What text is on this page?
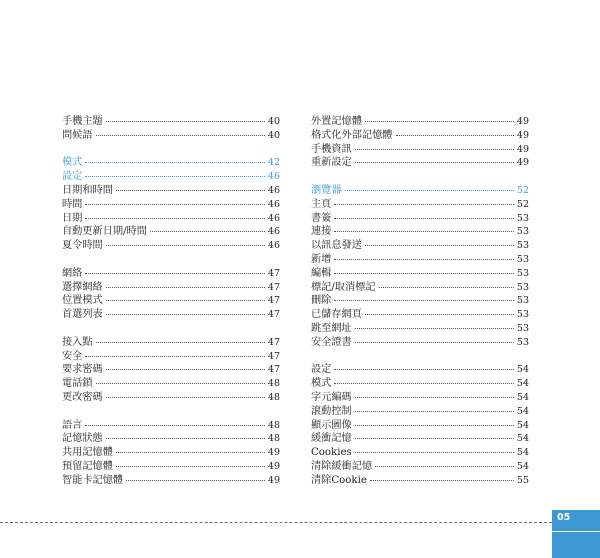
手機主題	40
問候語	40
模式	42
設定	46
日期和時間	46
時間	46
日期	46
自動更新日期/時間	46
夏令時間	46
網絡	47
選擇網絡	47
位置模式	47
首選列表	47
接入點	47
安全	47
要求密碼	47
電話鎖	48
更改密碼	48
語言	48
記憶狀態	48
共用記憶體	49
預留記憶體	49
智能卡記憶體	49
外置記憶體	49
格式化外部記憶體	49
手機資訊	49
重新設定	49
瀏覽器	52
主頁	52
書簽	53
連接	53
以訊息發送	53
新增	53
編輯	53
標記/取消標記	53
刪除	53
已儲存網頁	53
跳至網址	53
安全證書	53
設定	54
模式	54
字元編碼	54
滾動控制	54
顯示圖像	54
緩衝記憶	54
Cookies	54
清除緩衝記憶	54
清除Cookie	55
05
